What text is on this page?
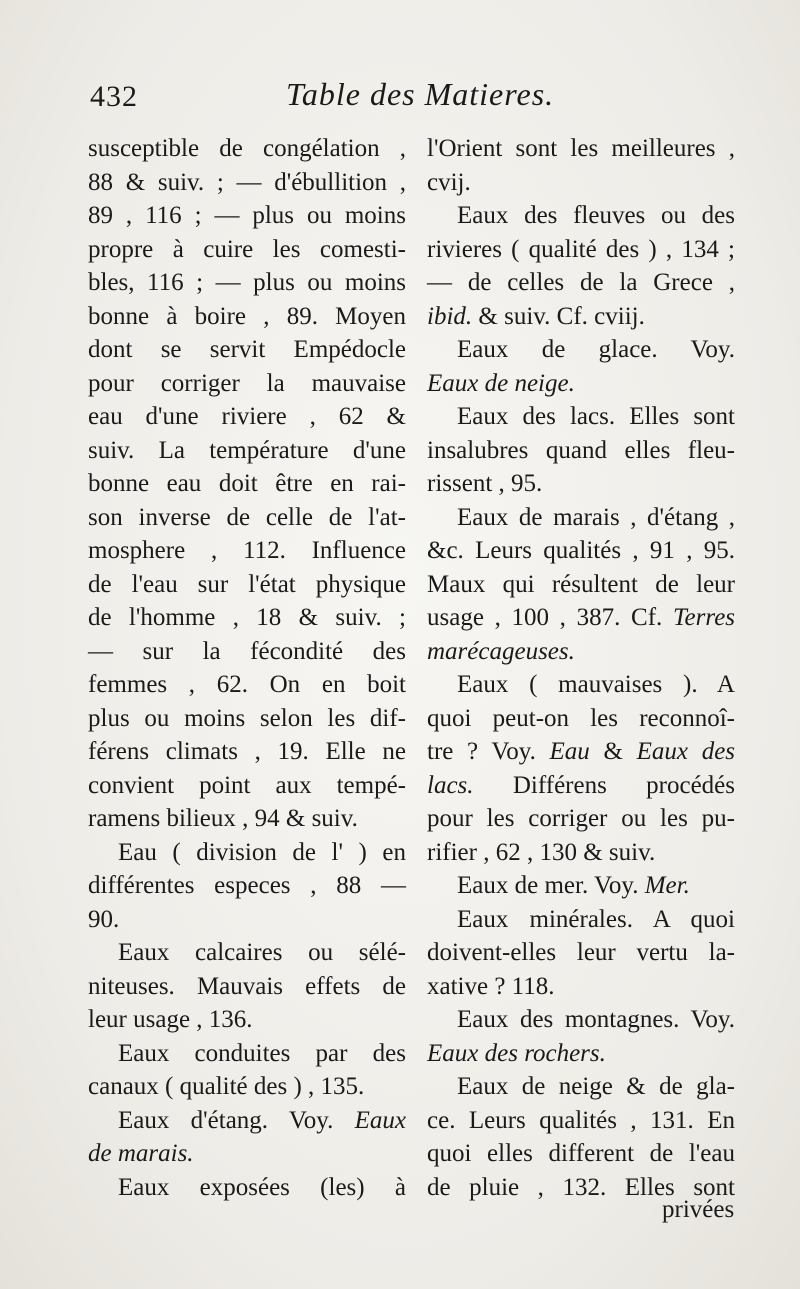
432	Table des Matieres.
susceptible de congélation ,
88 & suiv. ; — d'ébullition ,
89 , 116 ; — plus ou moins
propre à cuire les comesti-
bles, 116 ; — plus ou moins
bonne à boire , 89. Moyen
dont se servit Empédocle
pour corriger la mauvaise
eau d'une riviere , 62 &
suiv. La température d'une
bonne eau doit être en rai-
son inverse de celle de l'at-
mosphere , 112. Influence
de l'eau sur l'état physique
de l'homme , 18 & suiv. ;
— sur la fécondité des
femmes , 62. On en boit
plus ou moins selon les dif-
férens climats , 19. Elle ne
convient point aux tempé-
ramens bilieux , 94 & suiv.
Eau ( division de l' ) en
différentes especes , 88 —
90.
Eaux calcaires ou sélé-
niteuses. Mauvais effets de
leur usage , 136.
Eaux conduites par des
canaux ( qualité des ) , 135.
Eaux d'étang. Voy. Eaux
de marais.
Eaux exposées (les) à
l'Orient sont les meilleures ,
cvij.
Eaux des fleuves ou des
rivieres ( qualité des ) , 134 ;
— de celles de la Grece ,
ibid. & suiv. Cf. cviij.
Eaux de glace. Voy.
Eaux de neige.
Eaux des lacs. Elles sont
insalubres quand elles fleu-
rissent , 95.
Eaux de marais , d'étang ,
&c. Leurs qualités , 91 , 95.
Maux qui résultent de leur
usage , 100 , 387. Cf. Terres
marécageuses.
Eaux ( mauvaises ). A
quoi peut-on les reconnoî-
tre ? Voy. Eau & Eaux des
lacs. Différens procédés
pour les corriger ou les pu-
rifier , 62 , 130 & suiv.
Eaux de mer. Voy. Mer.
Eaux minérales. A quoi
doivent-elles leur vertu la-
xative ? 118.
Eaux des montagnes. Voy.
Eaux des rochers.
Eaux de neige & de gla-
ce. Leurs qualités , 131. En
quoi elles different de l'eau
de pluie , 132. Elles sont
privées
